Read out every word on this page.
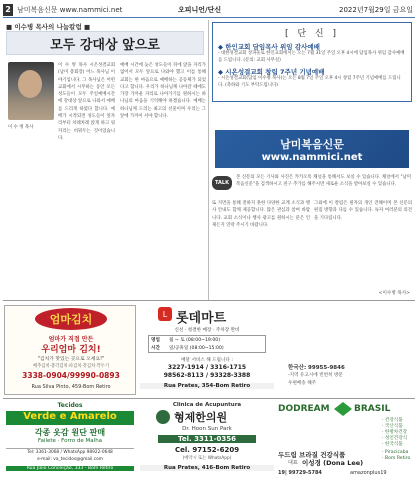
2 남미복음신문 www.nammici.net	오피니언/단신	2022년7월29일 금요일
■ 이수병 목사의 나눔칼럼 ■
모두 강대상 앞으로
이 수 병 목사 시온성결교회 (남미 총회장) 어느 목사님 이야기입니다. 그 목사님은 어떤 교회에서 시무하는 동안 모든 성도들이 모두 주일예배시간에 강대상 앞으로 나와서 예배를 드리게 하였다 합니다. 예배가 시작되면 성도들이 앞자리부터 차례차례 앉게 하고 뒷자리는 비워두는 것이었습니다.
예배 시간에 늦은 성도들이 뒤에 앉을 자리가 없어서 모두 앞으로 나와야 했고 이를 통해 교회는 한 마음으로 예배하는 공동체가 되었다고 합니다. 우리가 하나님께 나아갈 때에도 가장 가까운 자리로 나아가기를 원하시는 하나님의 마음을 기억해야 하겠습니다. 예배는 하나님께 드리는 최고의 선물이며 우리는 그 앞에 가까이 서야 합니다.
이 수 병 목사
[ 단 신 ]
◆ 한인교회 담임목사 위임 감사예배
- 대한성결교회 상파울로 한인교회에서는 오는 7월 31일 주일 오후 4시에 담임목사 위임 감사예배를 드립니다. (문의: 교회 사무실)
◆ 시온성결교회 창립 7주년 기념예배
- 시온성결교회(담임 이수병 목사)는 오는 8월 7일 주일 오후 4시 창립 7주년 기념예배를 드립니다. (축하와 기도 부탁드립니다)
남미복음신문
www.nammici.net
TALK
본 신문의 모든 기사와 사진은 카카오톡 채널을 통해서도 보실 수 있습니다. 채널에서 "남미복음신문"을 검색하시고 친구 추가를 해주시면 새로운 소식을 받아보실 수 있습니다.
또 지면을 통해 전하지 못한 다양한 교계 소식과 행사 안내도 함께 제공합니다. 많은 관심과 참여 바랍니다. 교회 소식이나 행사 광고를 원하시는 분은 언제든지 연락 주시기 바랍니다.
그외에 이 칼럼은 필자의 개인 견해이며 본 신문의 편집 방향과 다를 수 있습니다. 독자 여러분의 의견을 기다립니다.
<이수병 목사>
엄마김치
엄마가 직접 만든
우리엄마 김치!
"김치가 맛있는 곳으로 오세요!"
배추김치·총각김치·파김치·갓김치·깍두기
3338-0904/99990-0893
Rua Silva Pinto, 459-Bom Retiro
L 롯데마트
신선 · 청결한 매장 · 주차장 완비
영업 월 ~ 토 (08:00~19:00)
시간 일/공휴일 (08:00~15:00)
배달 서비스 해 드립니다 :
3227-1914 / 3316-1715
98562-8113 / 93328-3388
Rua Prates, 354-Bom Retiro
한국산: 99955-9846
-지역 유고시에 빈번히 방문
우편배송 해주
Tecidos
Verde e Amarelo
각종 옷감 원단 판매
Failete · Forro de Malha
Tel: 3361-3068 / WhatsApp 98922-0648
e-mail: va_tecidos@gmail.com
Rua Júlio Conceição, 333 - Bom Retiro
Clinica de Acupuntura
형제한의원
Dr. Hoon Sun Park
Tel. 3311-0356
Cel. 97152-6209
(예약시 또는 WhatsApp)
Rua Prates, 416-Bom Retiro
DODREAM	BRASIL
두드림 브라질 건강식품
대표 이성경 (Dona Lee)
19| 99729-5784	amazonplus19
· 건강식품
· 국산식품
· 한방차건강
· 성인건강식
· 한국식품
· Piracicaba
· Bom Retiro
